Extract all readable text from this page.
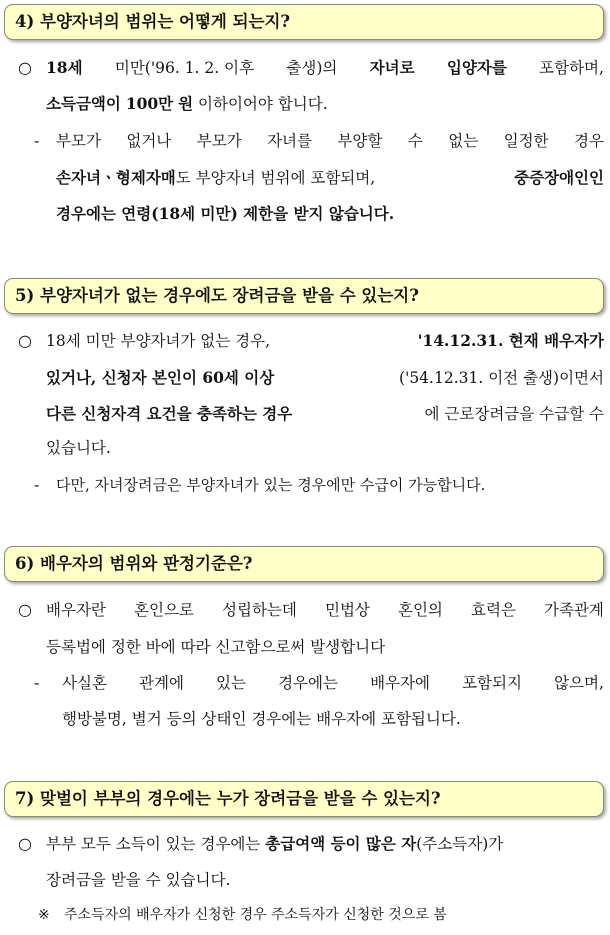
4) 부양자녀의 범위는 어떻게 되는지?
○ 18세 미만('96. 1. 2. 이후 출생)의 자녀로 입양자를 포함하며,
소득금액이 100만 원 이하이어야 합니다.
- 부모가 없거나 부모가 자녀를 부양할 수 없는 일정한 경우
손자녀ㆍ형제자매도 부양자녀 범위에 포함되며,	중증장애인인
경우에는 연령(18세 미만) 제한을 받지 않습니다.
5) 부양자녀가 없는 경우에도 장려금을 받을 수 있는지?
○ 18세 미만 부양자녀가 없는 경우,	'14.12.31. 현재 배우자가
있거나, 신청자 본인이 60세 이상	('54.12.31. 이전 출생)이면서
다른 신청자격 요건을 충족하는 경우	에 근로장려금을 수급할 수
있습니다.
- 다만, 자녀장려금은 부양자녀가 있는 경우에만 수급이 가능합니다.
6) 배우자의 범위와 판정기준은?
○ 배우자란 혼인으로 성립하는데 민법상 혼인의 효력은 가족관계
등록법에 정한 바에 따라 신고함으로써 발생합니다
- 사실혼 관계에 있는 경우에는 배우자에 포함되지 않으며,
행방불명, 별거 등의 상태인 경우에는 배우자에 포함됩니다.
7) 맞벌이 부부의 경우에는 누가 장려금을 받을 수 있는지?
○ 부부 모두 소득이 있는 경우에는 총급여액 등이 많은 자(주소득자)가
장려금을 받을 수 있습니다.
※ 주소득자의 배우자가 신청한 경우 주소득자가 신청한 것으로 봄
